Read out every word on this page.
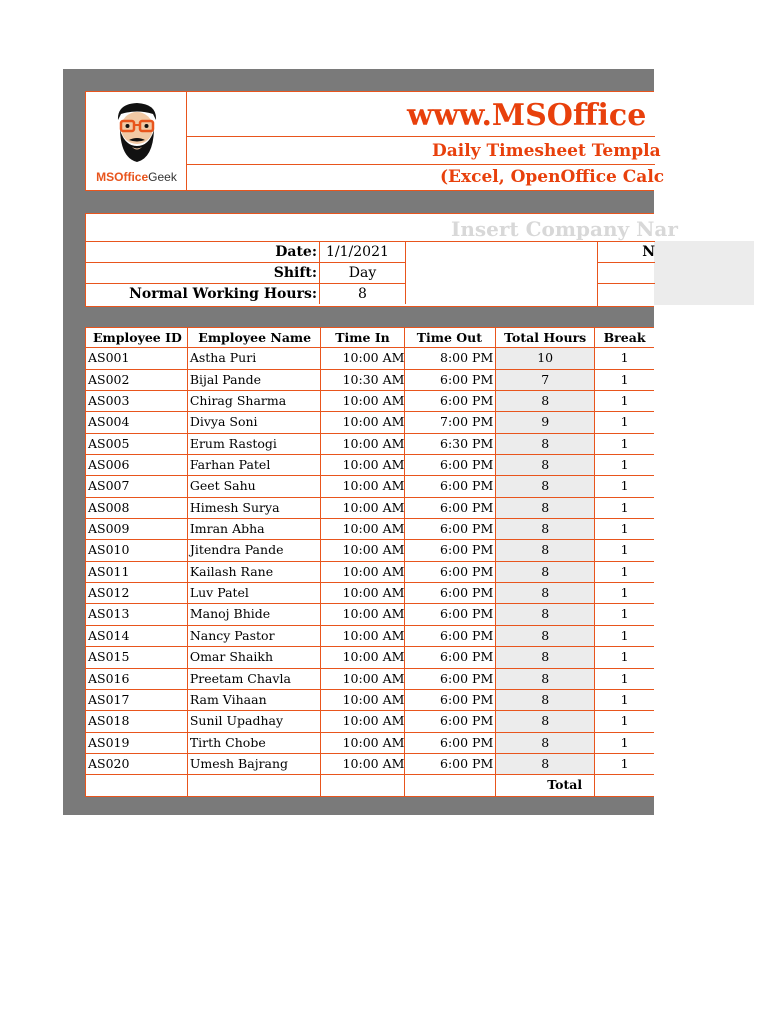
MSOfficeGeek
www.MSOffice
Daily Timesheet Templa
(Excel, OpenOffice Calc
Insert Company Nar
Date: 1/1/2021
Shift:	Day
Normal Working Hours:	8
N
Employee ID	Employee Name	Time In	Time Out	Total Hours	Break
AS001	Astha Puri	10:00 AM	8:00 PM	10	1
AS002	Bijal Pande	10:30 AM	6:00 PM	7	1
AS003	Chirag Sharma	10:00 AM	6:00 PM	8	1
AS004	Divya Soni	10:00 AM	7:00 PM	9	1
AS005	Erum Rastogi	10:00 AM	6:30 PM	8	1
AS006	Farhan Patel	10:00 AM	6:00 PM	8	1
AS007	Geet Sahu	10:00 AM	6:00 PM	8	1
AS008	Himesh Surya	10:00 AM	6:00 PM	8	1
AS009	Imran Abha	10:00 AM	6:00 PM	8	1
AS010	Jitendra Pande	10:00 AM	6:00 PM	8	1
AS011	Kailash Rane	10:00 AM	6:00 PM	8	1
AS012	Luv Patel	10:00 AM	6:00 PM	8	1
AS013	Manoj Bhide	10:00 AM	6:00 PM	8	1
AS014	Nancy Pastor	10:00 AM	6:00 PM	8	1
AS015	Omar Shaikh	10:00 AM	6:00 PM	8	1
AS016	Preetam Chavla	10:00 AM	6:00 PM	8	1
AS017	Ram Vihaan	10:00 AM	6:00 PM	8	1
AS018	Sunil Upadhay	10:00 AM	6:00 PM	8	1
AS019	Tirth Chobe	10:00 AM	6:00 PM	8	1
AS020	Umesh Bajrang	10:00 AM	6:00 PM	8	1
Total
